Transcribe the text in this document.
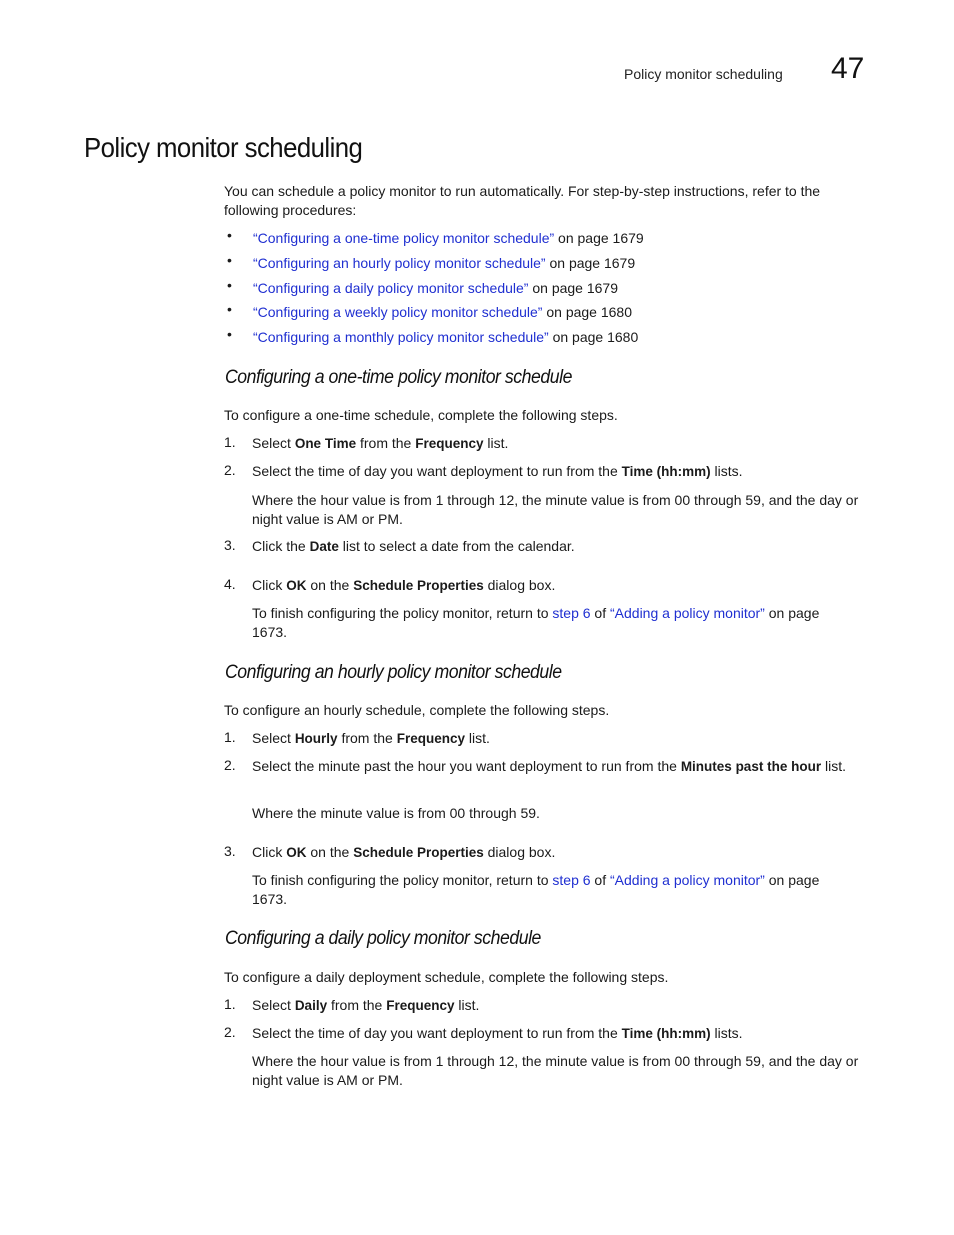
Policy monitor scheduling 47
Policy monitor scheduling

You can schedule a policy monitor to run automatically. For step-by-step instructions, refer to the following procedures:

• “Configuring a one-time policy monitor schedule” on page 1679

• “Configuring an hourly policy monitor schedule” on page 1679

• “Configuring a daily policy monitor schedule” on page 1679

• “Configuring a weekly policy monitor schedule” on page 1680

• “Configuring a monthly policy monitor schedule” on page 1680

Configuring a one-time policy monitor schedule

To configure a one-time schedule, complete the following steps.

1. Select One Time from the Frequency list.

2. Select the time of day you want deployment to run from the Time (hh:mm) lists.

Where the hour value is from 1 through 12, the minute value is from 00 through 59, and the day or night value is AM or PM.

3. Click the Date list to select a date from the calendar.

4. Click OK on the Schedule Properties dialog box.

To finish configuring the policy monitor, return to step 6 of “Adding a policy monitor” on page 1673.

Configuring an hourly policy monitor schedule

To configure an hourly schedule, complete the following steps.

1. Select Hourly from the Frequency list.

2. Select the minute past the hour you want deployment to run from the Minutes past the hour list.

Where the minute value is from 00 through 59.

3. Click OK on the Schedule Properties dialog box.

To finish configuring the policy monitor, return to step 6 of “Adding a policy monitor” on page 1673.

Configuring a daily policy monitor schedule

To configure a daily deployment schedule, complete the following steps.

1. Select Daily from the Frequency list.

2. Select the time of day you want deployment to run from the Time (hh:mm) lists.

Where the hour value is from 1 through 12, the minute value is from 00 through 59, and the day or night value is AM or PM.
